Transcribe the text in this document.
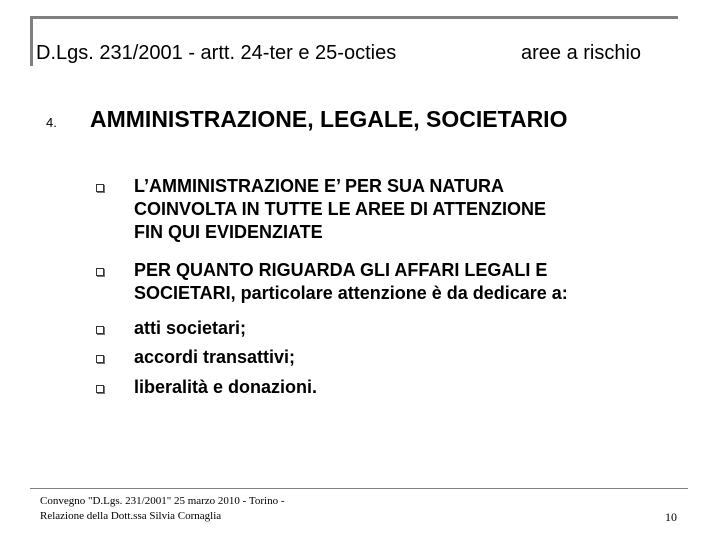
D.Lgs. 231/2001 - artt. 24-ter e 25-octies	aree a rischio
4. AMMINISTRAZIONE, LEGALE, SOCIETARIO
L’AMMINISTRAZIONE E’ PER SUA NATURA
COINVOLTA IN TUTTE LE AREE DI ATTENZIONE
FIN QUI EVIDENZIATE
PER QUANTO RIGUARDA GLI AFFARI LEGALI E
SOCIETARI, particolare attenzione è da dedicare a:
atti societari;
accordi transattivi;
liberalità e donazioni.
Convegno "D.Lgs. 231/2001" 25 marzo 2010 - Torino -
Relazione della Dott.ssa Silvia Cornaglia	10
